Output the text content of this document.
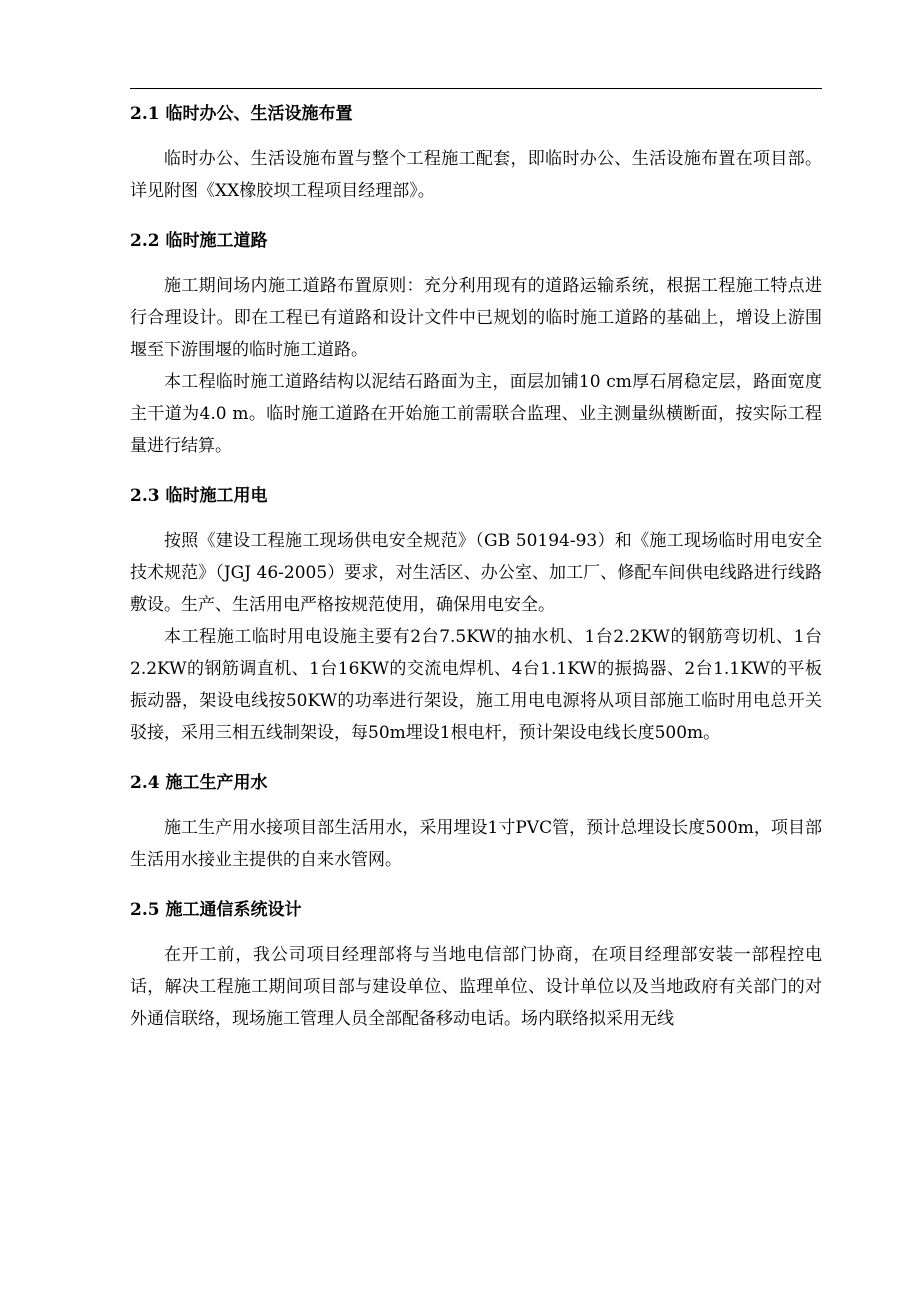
2.1 临时办公、生活设施布置

临时办公、生活设施布置与整个工程施工配套，即临时办公、生活设施布置在项目部。详见附图《XX橡胶坝工程项目经理部》。

2.2 临时施工道路

施工期间场内施工道路布置原则：充分利用现有的道路运输系统，根据工程施工特点进行合理设计。即在工程已有道路和设计文件中已规划的临时施工道路的基础上，增设上游围堰至下游围堰的临时施工道路。

本工程临时施工道路结构以泥结石路面为主，面层加铺10 cm厚石屑稳定层，路面宽度主干道为4.0 m。临时施工道路在开始施工前需联合监理、业主测量纵横断面，按实际工程量进行结算。

2.3 临时施工用电

按照《建设工程施工现场供电安全规范》（GB 50194-93）和《施工现场临时用电安全技术规范》（JGJ 46-2005）要求，对生活区、办公室、加工厂、修配车间供电线路进行线路敷设。生产、生活用电严格按规范使用，确保用电安全。

本工程施工临时用电设施主要有2台7.5KW的抽水机、1台2.2KW的钢筋弯切机、1台2.2KW的钢筋调直机、1台16KW的交流电焊机、4台1.1KW的振捣器、2台1.1KW的平板振动器，架设电线按50KW的功率进行架设，施工用电电源将从项目部施工临时用电总开关驳接，采用三相五线制架设，每50m埋设1根电杆，预计架设电线长度500m。

2.4 施工生产用水

施工生产用水接项目部生活用水，采用埋设1寸PVC管，预计总埋设长度500m，项目部生活用水接业主提供的自来水管网。

2.5 施工通信系统设计

在开工前，我公司项目经理部将与当地电信部门协商，在项目经理部安装一部程控电话，解决工程施工期间项目部与建设单位、监理单位、设计单位以及当地政府有关部门的对外通信联络，现场施工管理人员全部配备移动电话。场内联络拟采用无线
